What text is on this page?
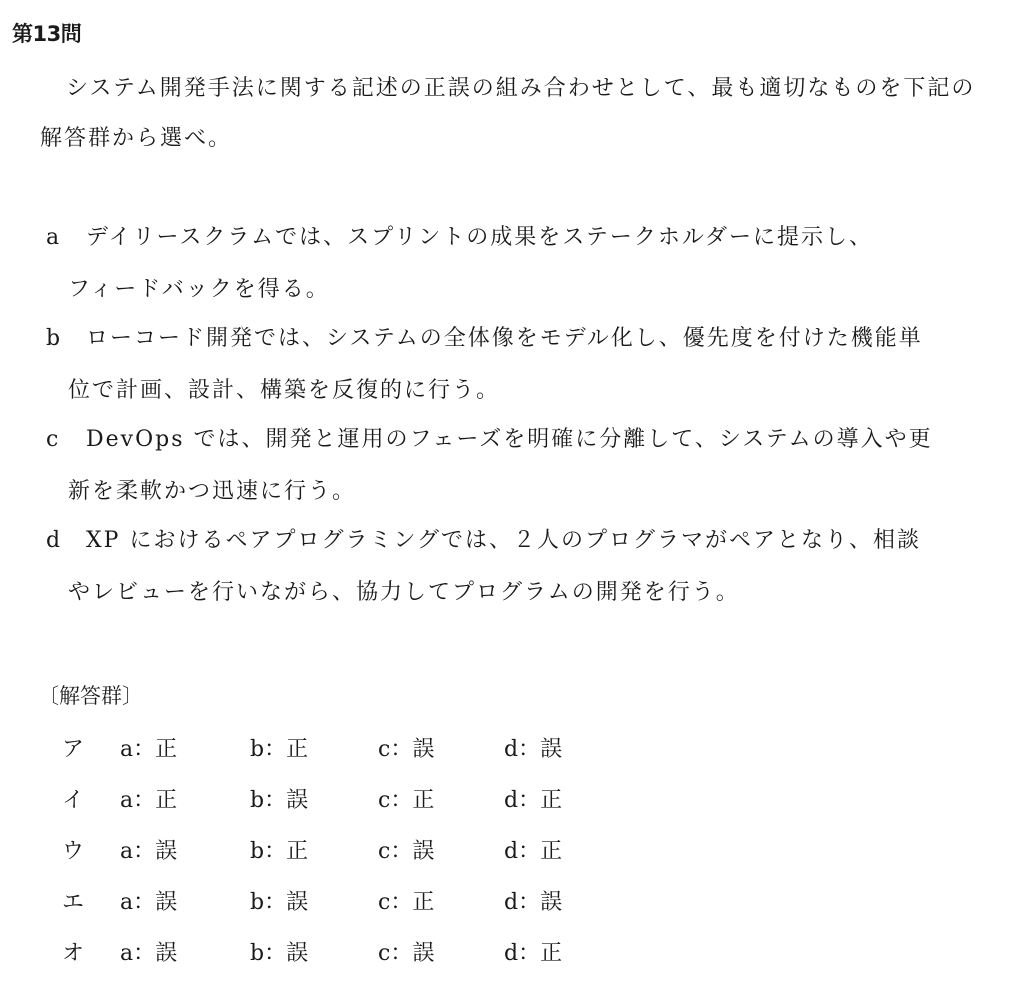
第13問
システム開発手法に関する記述の正誤の組み合わせとして、最も適切なものを下記の解答群から選べ。
a デイリースクラムでは、スプリントの成果をステークホルダーに提示し、
フィードバックを得る。
b ローコード開発では、システムの全体像をモデル化し、優先度を付けた機能単
位で計画、設計、構築を反復的に行う。
c DevOps では、開発と運用のフェーズを明確に分離して、システムの導入や更
新を柔軟かつ迅速に行う。
d XP におけるペアプログラミングでは、２人のプログラマがペアとなり、相談
やレビューを行いながら、協力してプログラムの開発を行う。
〔解答群〕
ア a：正	b：正	c：誤	d：誤
イ a：正	b：誤	c：正	d：正
ウ a：誤	b：正	c：誤	d：正
エ a：誤	b：誤	c：正	d：誤
オ a：誤	b：誤	c：誤	d：正
